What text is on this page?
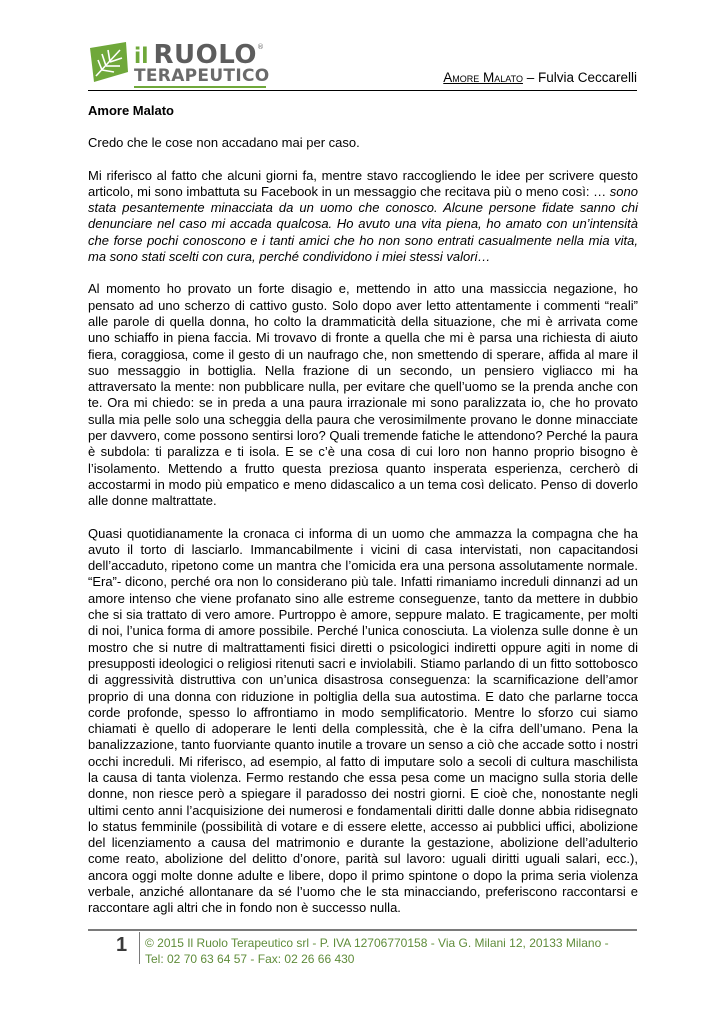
il RUOLO®
TERAPEUTICO	Amore Malato – Fulvia Ceccarelli
Amore Malato

Credo che le cose non accadano mai per caso.

Mi riferisco al fatto che alcuni giorni fa, mentre stavo raccogliendo le idee per scrivere questo articolo, mi sono imbattuta su Facebook in un messaggio che recitava più o meno così: … sono stata pesantemente minacciata da un uomo che conosco. Alcune persone fidate sanno chi denunciare nel caso mi accada qualcosa. Ho avuto una vita piena, ho amato con un’intensità che forse pochi conoscono e i tanti amici che ho non sono entrati casualmente nella mia vita, ma sono stati scelti con cura, perché condividono i miei stessi valori…

Al momento ho provato un forte disagio e, mettendo in atto una massiccia negazione, ho pensato ad uno scherzo di cattivo gusto. Solo dopo aver letto attentamente i commenti “reali” alle parole di quella donna, ho colto la drammaticità della situazione, che mi è arrivata come uno schiaffo in piena faccia. Mi trovavo di fronte a quella che mi è parsa una richiesta di aiuto fiera, coraggiosa, come il gesto di un naufrago che, non smettendo di sperare, affida al mare il suo messaggio in bottiglia. Nella frazione di un secondo, un pensiero vigliacco mi ha attraversato la mente: non pubblicare nulla, per evitare che quell’uomo se la prenda anche con te. Ora mi chiedo: se in preda a una paura irrazionale mi sono paralizzata io, che ho provato sulla mia pelle solo una scheggia della paura che verosimilmente provano le donne minacciate per davvero, come possono sentirsi loro? Quali tremende fatiche le attendono? Perché la paura è subdola: ti paralizza e ti isola. E se c’è una cosa di cui loro non hanno proprio bisogno è l’isolamento. Mettendo a frutto questa preziosa quanto insperata esperienza, cercherò di accostarmi in modo più empatico e meno didascalico a un tema così delicato. Penso di doverlo alle donne maltrattate.

Quasi quotidianamente la cronaca ci informa di un uomo che ammazza la compagna che ha avuto il torto di lasciarlo. Immancabilmente i vicini di casa intervistati, non capacitandosi dell’accaduto, ripetono come un mantra che l’omicida era una persona assolutamente normale. “Era”- dicono, perché ora non lo considerano più tale. Infatti rimaniamo increduli dinnanzi ad un amore intenso che viene profanato sino alle estreme conseguenze, tanto da mettere in dubbio che si sia trattato di vero amore. Purtroppo è amore, seppure malato. E tragicamente, per molti di noi, l’unica forma di amore possibile. Perché l’unica conosciuta. La violenza sulle donne è un mostro che si nutre di maltrattamenti fisici diretti o psicologici indiretti oppure agiti in nome di presupposti ideologici o religiosi ritenuti sacri e inviolabili. Stiamo parlando di un fitto sottobosco di aggressività distruttiva con un’unica disastrosa conseguenza: la scarnificazione dell’amor proprio di una donna con riduzione in poltiglia della sua autostima. E dato che parlarne tocca corde profonde, spesso lo affrontiamo in modo semplificatorio. Mentre lo sforzo cui siamo chiamati è quello di adoperare le lenti della complessità, che è la cifra dell’umano. Pena la banalizzazione, tanto fuorviante quanto inutile a trovare un senso a ciò che accade sotto i nostri occhi increduli. Mi riferisco, ad esempio, al fatto di imputare solo a secoli di cultura maschilista la causa di tanta violenza. Fermo restando che essa pesa come un macigno sulla storia delle donne, non riesce però a spiegare il paradosso dei nostri giorni. E cioè che, nonostante negli ultimi cento anni l’acquisizione dei numerosi e fondamentali diritti dalle donne abbia ridisegnato lo status femminile (possibilità di votare e di essere elette, accesso ai pubblici uffici, abolizione del licenziamento a causa del matrimonio e durante la gestazione, abolizione dell’adulterio come reato, abolizione del delitto d’onore, parità sul lavoro: uguali diritti uguali salari, ecc.), ancora oggi molte donne adulte e libere, dopo il primo spintone o dopo la prima seria violenza verbale, anziché allontanare da sé l’uomo che le sta minacciando, preferiscono raccontarsi e raccontare agli altri che in fondo non è successo nulla.

1 © 2015 Il Ruolo Terapeutico srl - P. IVA 12706770158 - Via G. Milani 12, 20133 Milano -
Tel: 02 70 63 64 57 - Fax: 02 26 66 430
